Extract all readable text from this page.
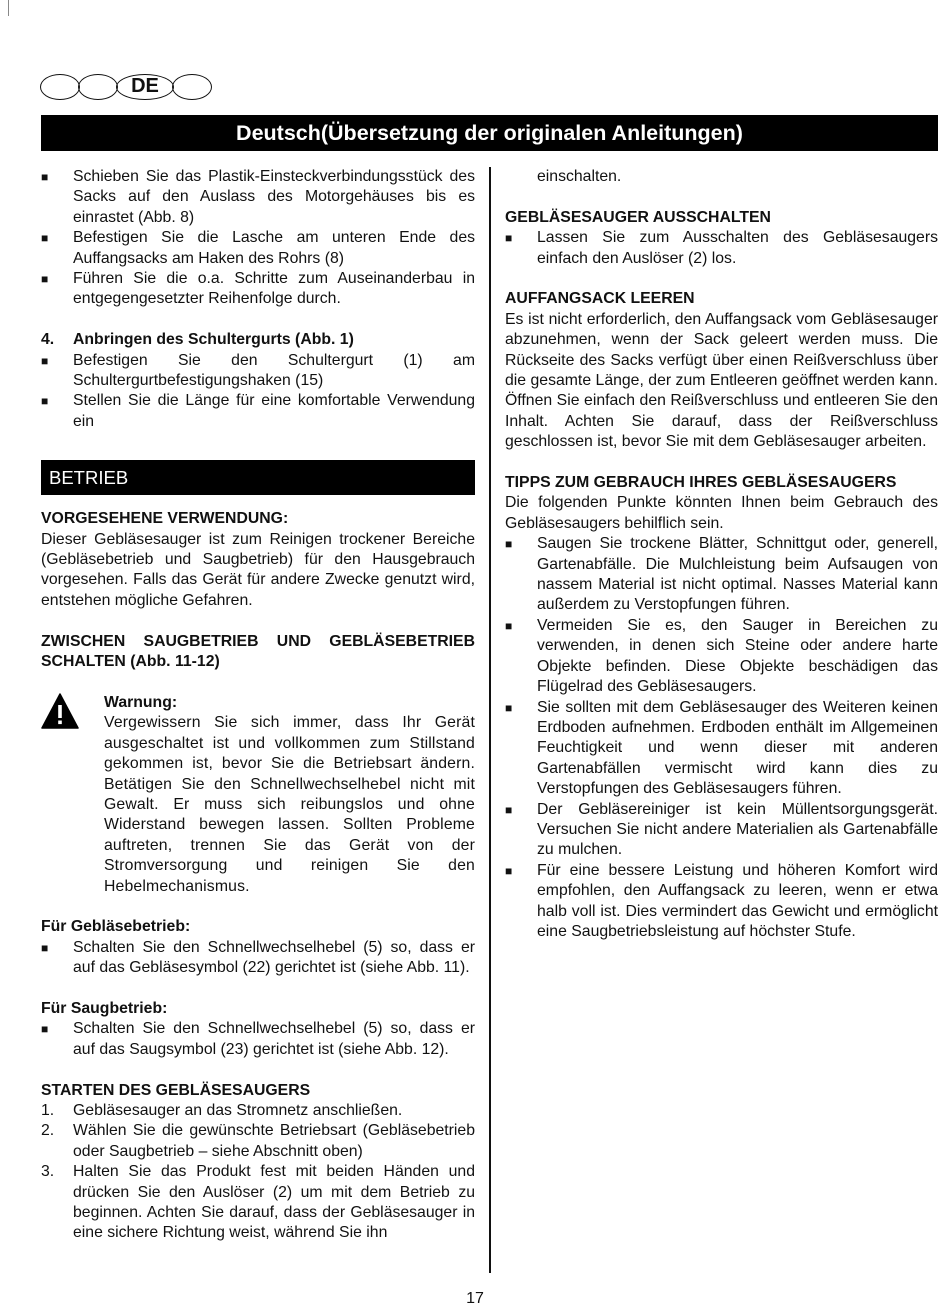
DE
Deutsch(Übersetzung der originalen Anleitungen)
■ Schieben Sie das Plastik-Einsteckverbindungsstück des Sacks auf den Auslass des Motorgehäuses bis es einrastet (Abb. 8)
■ Befestigen Sie die Lasche am unteren Ende des Auffangsacks am Haken des Rohrs (8)
■ Führen Sie die o.a. Schritte zum Auseinanderbau in entgegengesetzter Reihenfolge durch.
4. Anbringen des Schultergurts (Abb. 1)
■ Befestigen Sie den Schultergurt (1) am Schultergurtbefestigungshaken (15)
■ Stellen Sie die Länge für eine komfortable Verwendung ein
BETRIEB
VORGESEHENE VERWENDUNG:

Dieser Gebläsesauger ist zum Reinigen trockener Bereiche (Gebläsebetrieb und Saugbetrieb) für den Hausgebrauch vorgesehen. Falls das Gerät für andere Zwecke genutzt wird, entstehen mögliche Gefahren.

ZWISCHEN SAUGBETRIEB UND GEBLÄSEBETRIEB SCHALTEN (Abb. 11-12)

Warnung:

Vergewissern Sie sich immer, dass Ihr Gerät ausgeschaltet ist und vollkommen zum Stillstand gekommen ist, bevor Sie die Betriebsart ändern. Betätigen Sie den Schnellwechselhebel nicht mit Gewalt. Er muss sich reibungslos und ohne Widerstand bewegen lassen. Sollten Probleme auftreten, trennen Sie das Gerät von der Stromversorgung und reinigen Sie den Hebelmechanismus.

Für Gebläsebetrieb:
■ Schalten Sie den Schnellwechselhebel (5) so, dass er auf das Gebläsesymbol (22) gerichtet ist (siehe Abb. 11).
Für Saugbetrieb:
■ Schalten Sie den Schnellwechselhebel (5) so, dass er auf das Saugsymbol (23) gerichtet ist (siehe Abb. 12).
STARTEN DES GEBLÄSESAUGERS
1. Gebläsesauger an das Stromnetz anschließen.
2. Wählen Sie die gewünschte Betriebsart (Gebläsebetrieb oder Saugbetrieb – siehe Abschnitt oben)
3. Halten Sie das Produkt fest mit beiden Händen und drücken Sie den Auslöser (2) um mit dem Betrieb zu beginnen. Achten Sie darauf, dass der Gebläsesauger in eine sichere Richtung weist, während Sie ihn
einschalten.
GEBLÄSESAUGER AUSSCHALTEN
■ Lassen Sie zum Ausschalten des Gebläsesaugers einfach den Auslöser (2) los.
AUFFANGSACK LEEREN

Es ist nicht erforderlich, den Auffangsack vom Gebläsesauger abzunehmen, wenn der Sack geleert werden muss. Die Rückseite des Sacks verfügt über einen Reißverschluss über die gesamte Länge, der zum Entleeren geöffnet werden kann. Öffnen Sie einfach den Reißverschluss und entleeren Sie den Inhalt. Achten Sie darauf, dass der Reißverschluss geschlossen ist, bevor Sie mit dem Gebläsesauger arbeiten.

TIPPS ZUM GEBRAUCH IHRES GEBLÄSESAUGERS

Die folgenden Punkte könnten Ihnen beim Gebrauch des Gebläsesaugers behilflich sein.

■ Saugen Sie trockene Blätter, Schnittgut oder, generell, Gartenabfälle. Die Mulchleistung beim Aufsaugen von nassem Material ist nicht optimal. Nasses Material kann außerdem zu Verstopfungen führen.
■ Vermeiden Sie es, den Sauger in Bereichen zu verwenden, in denen sich Steine oder andere harte Objekte befinden. Diese Objekte beschädigen das Flügelrad des Gebläsesaugers.
■ Sie sollten mit dem Gebläsesauger des Weiteren keinen Erdboden aufnehmen. Erdboden enthält im Allgemeinen Feuchtigkeit und wenn dieser mit anderen Gartenabfällen vermischt wird kann dies zu Verstopfungen des Gebläsesaugers führen.
■ Der Gebläsereiniger ist kein Müllentsorgungsgerät. Versuchen Sie nicht andere Materialien als Gartenabfälle zu mulchen.
■ Für eine bessere Leistung und höheren Komfort wird empfohlen, den Auffangsack zu leeren, wenn er etwa halb voll ist. Dies vermindert das Gewicht und ermöglicht eine Saugbetriebsleistung auf höchster Stufe.
17
